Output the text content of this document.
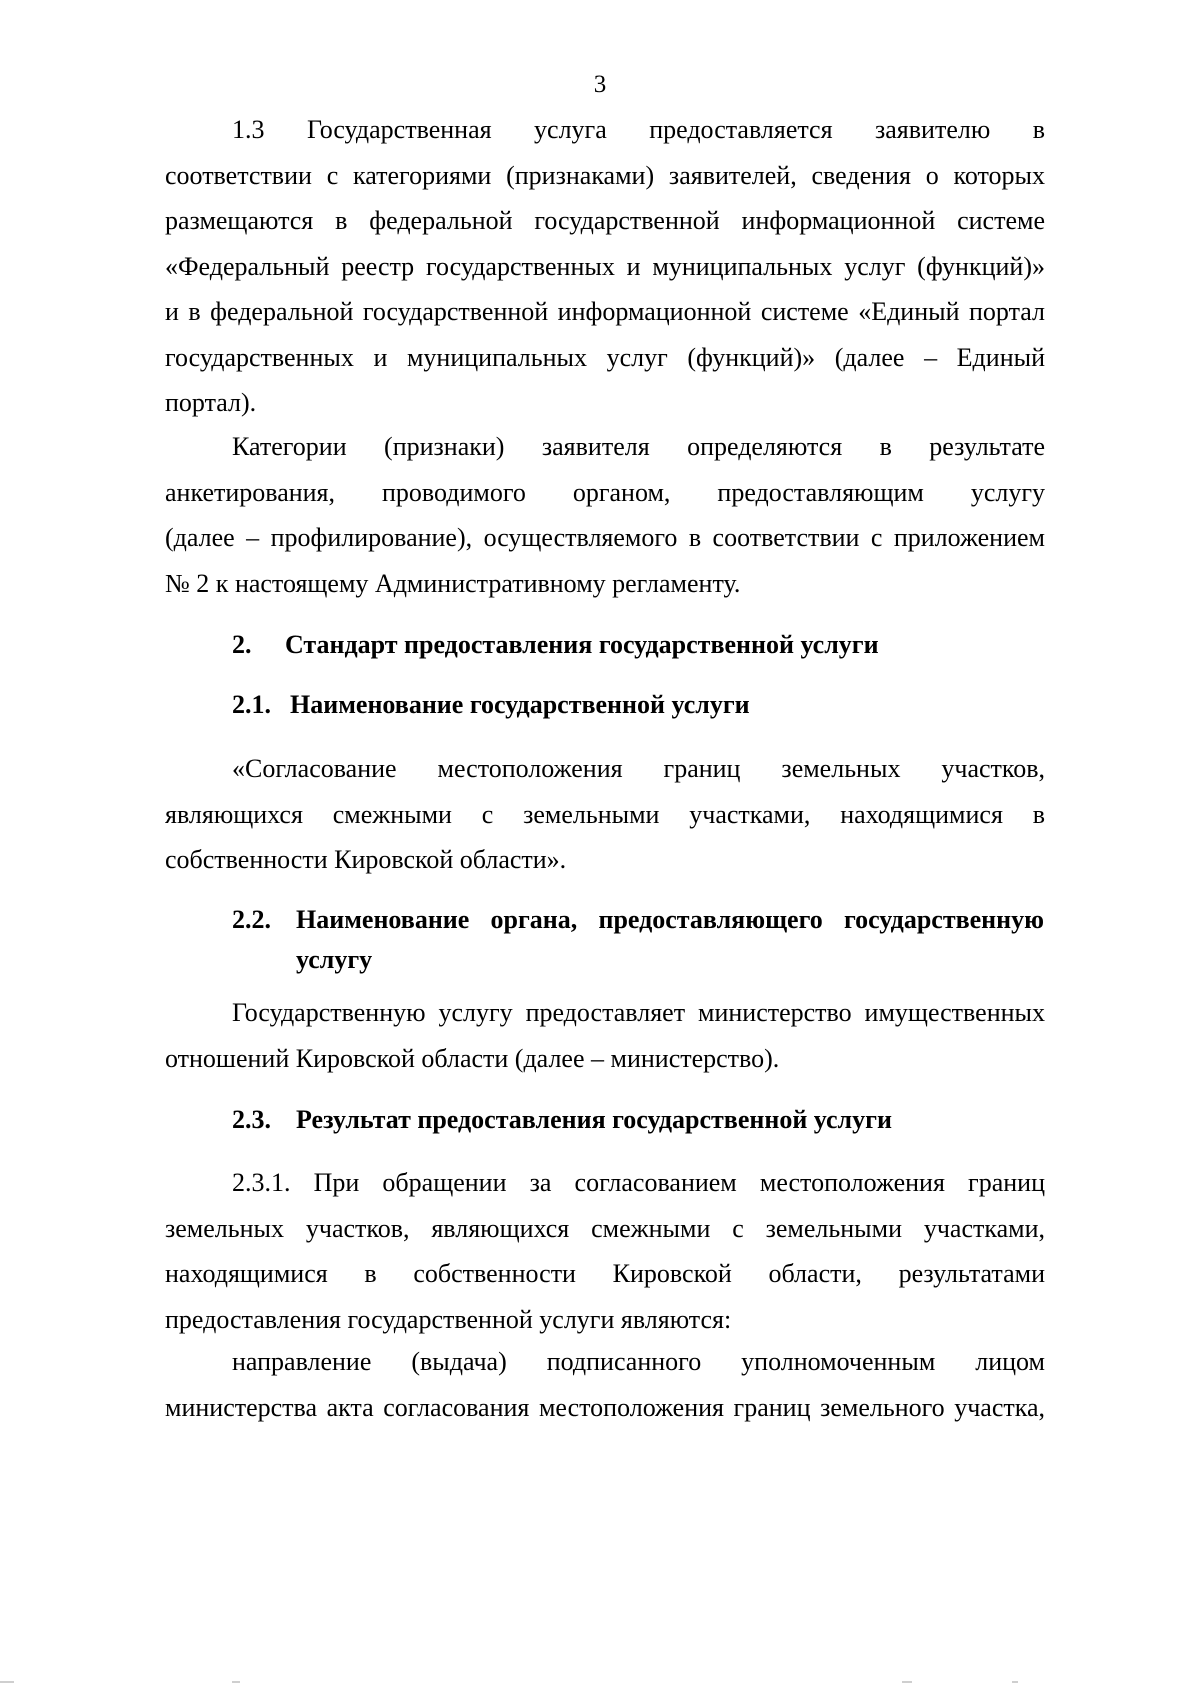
3
1.3 Государственная услуга предоставляется заявителю в
соответствии с категориями (признаками) заявителей, сведения о которых
размещаются в федеральной государственной информационной системе
«Федеральный реестр государственных и муниципальных услуг (функций)»
и в федеральной государственной информационной системе «Единый портал
государственных и муниципальных услуг (функций)» (далее – Единый
портал).
Категории (признаки) заявителя определяются в результате
анкетирования, проводимого органом, предоставляющим услугу
(далее – профилирование), осуществляемого в соответствии с приложением
№ 2 к настоящему Административному регламенту.
2. Стандарт предоставления государственной услуги
2.1. Наименование государственной услуги
«Согласование местоположения границ земельных участков,
являющихся смежными с земельными участками, находящимися в
собственности Кировской области».
2.2. Наименование органа, предоставляющего государственную
услугу
Государственную услугу предоставляет министерство имущественных
отношений Кировской области (далее – министерство).
2.3. Результат предоставления государственной услуги
2.3.1. При обращении за согласованием местоположения границ
земельных участков, являющихся смежными с земельными участками,
находящимися в собственности Кировской области, результатами
предоставления государственной услуги являются:
направление (выдача) подписанного уполномоченным лицом
министерства акта согласования местоположения границ земельного участка,
